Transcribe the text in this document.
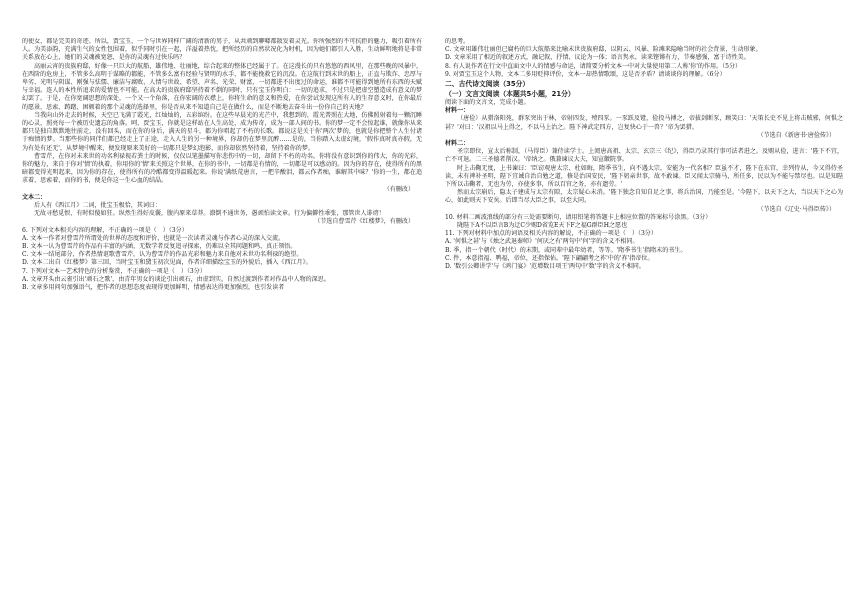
的使女，都是完美的奇迹。所以，贾宝玉，一个与世界同样广阔的清新的男子，从共顽到聊噱都散发着灵光。你所强烈的不可抗拒的魅力，吸引着所有人。为美添韵，充满生气的女性包围着，似乎同时引在一起，洋溢着热忱，把所经历的自然状况化为时机，因为她们都引人入胜，生动鲜明地将是非常关系放在心上，她们的灵魂被宽恕，是你的灵魂有过快乐吗？

高丽云宵的贵族府邸，好像一只巨大的航船，雄伟地、壮丽地，综合起来的整体已经属于了。在这漫长的只有悠悠的西风里，在那些晚的风暴中，在西阶的危房上，不管多么高明于谋略的都能，不管多么富有经验与贤明的水手，都不能挽救它的沉没。在这航行到末世的船上，正直与欺诈、忠厚与卑劣、光明与阴谋、刚强与怯懦、廉洁与腐败、人情与世故、希望、声名、光荣、财富，一切都进不出度过的命运，谁都不可能得到她所有东西的天赋与幸福。连人的本性所追求的爱情也不可能。在高大的贵族府邸坚持着不倒的同时，只有宝玉你明白：一切的追求，不过只是把虚空塑造成有意义的梦幻罢了。于是，在你宽阔思想的深处，一个又一个角落，在你宏阔的衣襟上，你将生命的意义和热爱，在你尝试发现这所有人的生存意义时，在你最后的愿景，思索、踌躇、困顿着的那个灵魂的选择里，你是否从来不知道自己是在做什么，而是不断地去奋斗出一份你自己的天地？

当我向山外走去的时候，天空已飞满了霞光，红灿灿的，五彩缤纷。在这些早晨光的光芒中，我想到的，霞光普照在大地，仿佛照射着每一颗沉睡的心灵，照亮每一个被历史遗忘的角落。呵，贾宝玉，你就是这样站在人生高处，成为传奇，成为一部人间的书。你的梦一定不会惊起谁，就像你从来都只是独自默默地往前走，没有回头，而在你的身后，满天的星斗，都为你唱起了不朽的长歌。都说这是关于你'两次'梦的，也就是你把整个人生付诸于痴情的梦。当那些你的同伴们都已经走上了正途，走入人生的另一种境界，你却仍在梦里沉醉……是的，当你踏入太虚幻境，'假作真时真亦假，无为有处有还无'，从梦境中醒来，便发现原来美好的一切都只是梦幻泡影，而你却依然坚持着，坚持着你的梦。

曹雪芹，在你对未来世的功名利禄视若粪土的时候，仅仅以笔墨描写你悲伤中的一切，却留下不朽的功名。你将没有意识到你的伟大，你的光彩，你的魅力，来自于你对'情'的执着，你用你的'情'来关照这个世界，在你的书中，一切都是有情的，一切都是可以感动的。因为你的存在，使得所有的黑暗都变得光明起来，因为你的存在，使得所有的冷酷都变得温暖起来。你说'满纸荒唐言，一把辛酸泪，都云作者痴，谁解其中味？'你的一生，都在追求着、思索着，而你的书，便是你这一生心血的结晶。

（有删改）

文本二：

后人有《西江月》二词，批宝玉极恰，其词曰：

无故寻愁觅恨，有时似傻如狂。纵然生得好皮囊，腹内原来草莽。潦倒不通世务，愚顽怕读文章。行为偏僻性乖张，那管世人诽谤！

（节选自曹雪芹《红楼梦》，有删改）

6. 下列对文本相关内容的理解，不正确的一项是（　）（3分）

A. 文本一作者对曹雪芹所谓处的世界的态度和评价，也就是一次读者灵魂与作者心灵的深入交流。

B. 文本一认为曹雪芹的作品有丰富的内涵，无数学者反复追寻探索，仍难以全其问题和鸣、真正领悟。

C. 文本一结尾部分，作者热情讴歌曹雪芹，认为曹雪芹的作品光彩和魅力来自他对未世功名利禄的绝望。

D. 文本二出自《红楼梦》第三回，当时宝玉和黛玉初次见面，作者详细描绘宝玉的外貌后，插入《西江月》。

7. 下列对文本一艺术特色的分析鉴赏，不正确的一项是（　）（3分）

A. 文章开头由云雀引出'顽石之歌'，由青年男女的谈论引出顽石，由虚到实，自然过渡到作者对作品中人物的深思。

B. 文章多用问句加强语气，把作者的思想态度表现得更加鲜明，情感表达得更加强烈，也引发读者

的思考。

C. 文章用雄伟壮丽但已腐朽的巨大航船来比喻末世贵族府邸，以阴云、风暴、险滩来隐喻当时的社会背景，生动形象。

D. 文章采用了相近的叙述方式，融记叙、抒情、议论为一体；语言隽永，读来铿锵有力，节奏感强，富于诗性美。

8. 有人说作者在行文中直面文中人的情感与命运，请简要分析文本一中对大量使用第二人称'你'的作用。（5分）

9. 对贾宝玉这个人物，文本二多用贬抑评价，文本一却热情歌颂，这是否矛盾？请谈谈你的理解。（6分）

二、古代诗文阅读（35分）

（一）文言文阅读（本题共5小题，21分）

阅读下面的文言文，完成小题。

材料一：

（唐俭）从猎洛阳苑，群豕突出于林，帝射四发，殪四豕。一豕跃及镫，俭投马搏之，帝拔剑断豕，顾笑曰：'天策长史不见上将击贼邪，何惧之甚？'对曰：'汉祖以马上得之，不以马上治之。陛下神武定四方，岂复快心于一兽？'帝为罢猎。

（节选自《新唐书·唐俭传》）

材料二：

圣宗即位，宣太后称制，（马得臣）兼侍读学士。上阅唐高祖、太宗、玄宗三《纪》，得臣乃录其行事可法者进之。及赐从俭，进言：'陛下不宜，亡不可退。二三圣德者削汉。'帝纳之。俄兼谏议大夫，知宣徽院事。

时上击鞠无度，上书谏曰：'臣窃观唐太宗、杜如晦，隋季书生，向不遇太宗，安能为一代名相？臣虽不才，陛下在东宫，幸列侍从，今又得侍圣读，未有裨补圣明，陛下宜诫自治自勉之道，修是治国安民，'陛下躬亲世事，故不敢谏。臣又闻太宗骑马，所任多，民以为不能与禁尽也。以是知陛下所以击鞠者，无也为劳，亦使多事，所以百官之务，亦有遗劳。'

然而太宗崩后，隐太子建成与太宗有隙，太宗疑心未消。'陛下独念自知自足之事，将兵治国，乃能至是。'今陛下，以天下之大，当以天下之心为心，如此则天下安矣。后即当尽大臣之事，以至大同。

（节选自《辽史·马得臣传》）

10. 材料二画波浪线的部分有三处需要断句，请用铅笔将答题卡上相应位置的答案标号涂黑。（3分）

　　陇陛下A不以臣言B为迂C少赐D省览E天下F之福G群臣H之愿也

11. 下列对材料中加点的词语及相关内容的解说，不正确的一项是（　）（3分）

A. '何惧之甚'与《烛之武退秦师》'何厌之有'两句中'何'字的含义不相同。

B. 季，指一个朝代（时代）的末期，或同辈中最年幼者，等等。'隋季书生'指隋末的书生。

C. 件，本意指福、鸭福，帝位，还指保佑。'陛下翩翩考之祚'中的'祚'指帝位。

D. '数引公卿讲学'与《鸿门宴》'范增数目项王'两句中'数'字的含义不相同。
